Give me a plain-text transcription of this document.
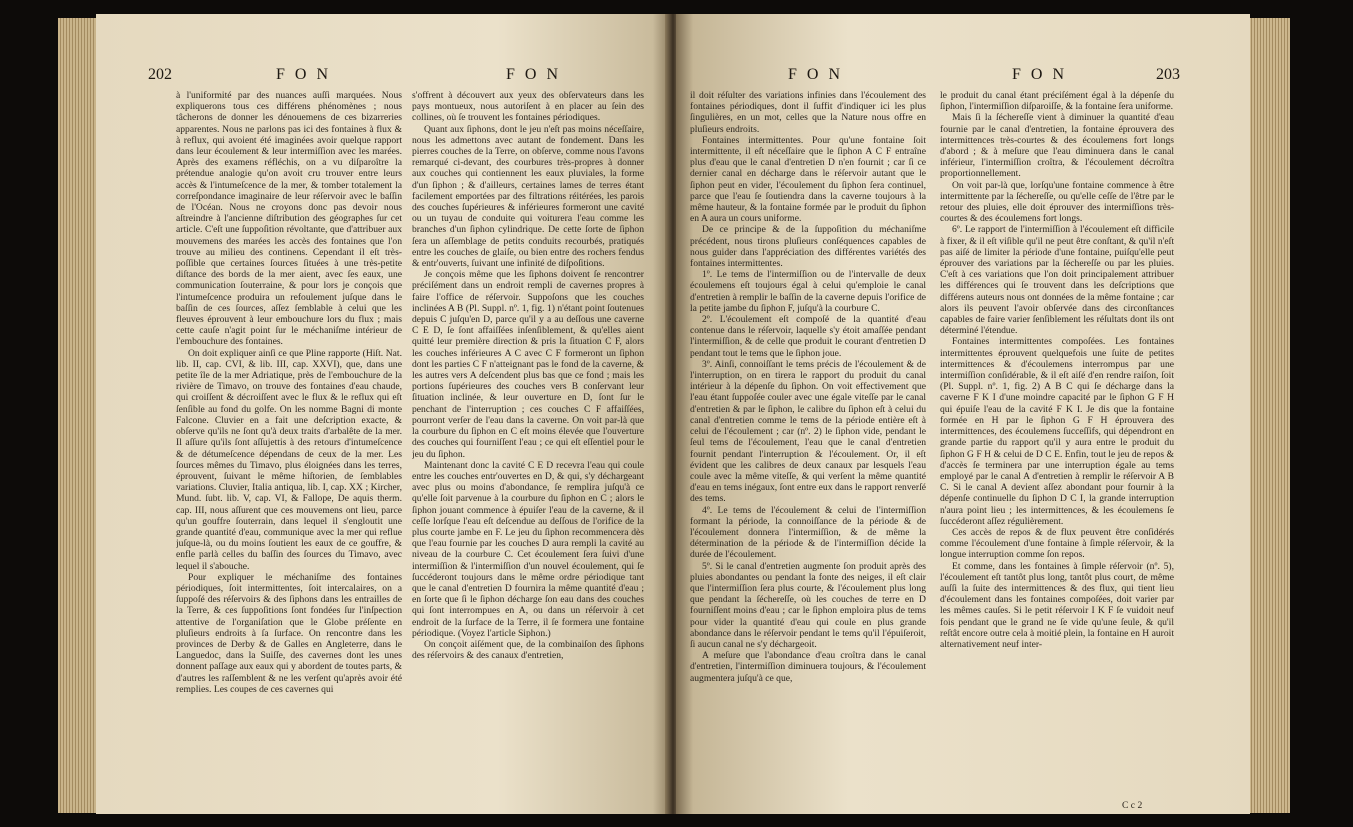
202	F O N	F O N

à l'uniformité par des nuances auſſi marquées. Nous expliquerons tous ces différens phénomènes ; nous tâcherons de donner les dénouemens de ces bizarreries apparentes. Nous ne parlons pas ici des fontaines à flux & à reflux, qui avoient été imaginées avoir quelque rapport dans leur écoulement & leur intermiſſion avec les marées. Après des examens réfléchis, on a vu diſparoître la prétendue analogie qu'on avoit cru trouver entre leurs accès & l'intumeſcence de la mer, & tomber totalement la correſpondance imaginaire de leur réſervoir avec le baſſin de l'Océan. Nous ne croyons donc pas devoir nous aſtreindre à l'ancienne diſtribution des géographes ſur cet article. C'eſt une ſuppoſition révoltante, que d'attribuer aux mouvemens des marées les accès des fontaines que l'on trouve au milieu des continens. Cependant il eſt très-poſſible que certaines ſources ſituées à une très-petite diſtance des bords de la mer aient, avec ſes eaux, une communication ſouterraine, & pour lors je conçois que l'intumeſcence produira un refoulement juſque dans le baſſin de ces ſources, aſſez ſemblable à celui que les fleuves éprouvent à leur embouchure lors du flux ; mais cette cauſe n'agit point ſur le méchaniſme intérieur de l'embouchure des fontaines.

On doit expliquer ainſi ce que Pline rapporte (Hiſt. Nat. lib. II, cap. CVI, & lib. III, cap. XXVI), que, dans une petite île de la mer Adriatique, près de l'embouchure de la rivière de Timavo, on trouve des fontaines d'eau chaude, qui croiſſent & décroiſſent avec le flux & le reflux qui eſt ſenſible au fond du golfe. On les nomme Bagni di monte Falcone. Cluvier en a fait une deſcription exacte, & obſerve qu'ils ne ſont qu'à deux traits d'arbalête de la mer. Il aſſure qu'ils ſont aſſujettis à des retours d'intumeſcence & de détumeſcence dépendans de ceux de la mer. Les ſources mêmes du Timavo, plus éloignées dans les terres, éprouvent, ſuivant le même hiſtorien, de ſemblables variations. Cluvier, Italia antiqua, lib. I, cap. XX ; Kircher, Mund. ſubt. lib. V, cap. VI, & Fallope, De aquis therm. cap. III, nous aſſurent que ces mouvemens ont lieu, parce qu'un gouffre ſouterrain, dans lequel il s'engloutit une grande quantité d'eau, communique avec la mer qui reflue juſque-là, ou du moins ſoutient les eaux de ce gouffre, & enfle parlà celles du baſſin des ſources du Timavo, avec lequel il s'abouche.

Pour expliquer le méchaniſme des fontaines périodiques, ſoit intermittentes, ſoit intercalaires, on a ſuppoſé des réſervoirs & des ſiphons dans les entrailles de la Terre, & ces ſuppoſitions ſont fondées ſur l'inſpection attentive de l'organiſation que le Globe préſente en pluſieurs endroits à ſa ſurface. On rencontre dans les provinces de Derby & de Galles en Angleterre, dans le Languedoc, dans la Suiſſe, des cavernes dont les unes donnent paſſage aux eaux qui y abordent de toutes parts, & d'autres les raſſemblent & ne les verſent qu'après avoir été remplies. Les coupes de ces cavernes qui

s'offrent à découvert aux yeux des obſervateurs dans les pays montueux, nous autoriſent à en placer au ſein des collines, où ſe trouvent les fontaines périodiques.

Quant aux ſiphons, dont le jeu n'eſt pas moins néceſſaire, nous les admettons avec autant de fondement. Dans les pierres couches de la Terre, on obſerve, comme nous l'avons remarqué ci-devant, des courbures très-propres à donner aux couches qui contiennent les eaux pluviales, la forme d'un ſiphon ; & d'ailleurs, certaines lames de terres étant facilement emportées par des filtrations réitérées, les parois des couches ſupérieures & inférieures formeront une cavité ou un tuyau de conduite qui voiturera l'eau comme les branches d'un ſiphon cylindrique. De cette ſorte de ſiphon ſera un aſſemblage de petits conduits recourbés, pratiqués entre les couches de glaiſe, ou bien entre des rochers fendus & entr'ouverts, ſuivant une infinité de diſpoſitions.

Je conçois même que les ſiphons doivent ſe rencontrer préciſément dans un endroit rempli de cavernes propres à faire l'office de réſervoir. Suppoſons que les couches inclinées A B (Pl. Suppl. nº. 1, fig. 1) n'étant point ſoutenues depuis C juſqu'en D, parce qu'il y a au deſſous une caverne C E D, ſe ſont affaiſſées inſenſiblement, & qu'elles aient quitté leur première direction & pris la ſituation C F, alors les couches inférieures A C avec C F formeront un ſiphon dont les parties C F n'atteignant pas le fond de la caverne, & les autres vers A deſcendent plus bas que ce fond ; mais les portions ſupérieures des couches vers B conſervant leur ſituation inclinée, & leur ouverture en D, ſont ſur le penchant de l'interruption ; ces couches C F affaiſſées, pourront verſer de l'eau dans la caverne. On voit par-là que la courbure du ſiphon en C eſt moins élevée que l'ouverture des couches qui fourniſſent l'eau ; ce qui eſt eſſentiel pour le jeu du ſiphon.

Maintenant donc la cavité C E D recevra l'eau qui coule entre les couches entr'ouvertes en D, & qui, s'y déchargeant avec plus ou moins d'abondance, ſe remplira juſqu'à ce qu'elle ſoit parvenue à la courbure du ſiphon en C ; alors le ſiphon jouant commence à épuiſer l'eau de la caverne, & il ceſſe lorſque l'eau eſt deſcendue au deſſous de l'orifice de la plus courte jambe en F. Le jeu du ſiphon recommencera dès que l'eau fournie par les couches D aura rempli la cavité au niveau de la courbure C. Cet écoulement ſera ſuivi d'une intermiſſion & l'intermiſſion d'un nouvel écoulement, qui ſe ſuccéderont toujours dans le même ordre périodique tant que le canal d'entretien D fournira la même quantité d'eau ; en ſorte que ſi le ſiphon décharge ſon eau dans des couches qui ſont interrompues en A, ou dans un réſervoir à cet endroit de la ſurface de la Terre, il ſe formera une fontaine périodique. (Voyez l'article Siphon.)

On conçoit aiſément que, de la combinaiſon des ſiphons des réſervoirs & des canaux d'entretien,

F O N	F O N	203

il doit réſulter des variations infinies dans l'écoulement des fontaines périodiques, dont il ſuffit d'indiquer ici les plus ſingulières, en un mot, celles que la Nature nous offre en pluſieurs endroits.

Fontaines intermittentes. Pour qu'une fontaine ſoit intermittente, il eſt néceſſaire que le ſiphon A C F entraîne plus d'eau que le canal d'entretien D n'en fournit ; car ſi ce dernier canal en décharge dans le réſervoir autant que le ſiphon peut en vider, l'écoulement du ſiphon ſera continuel, parce que l'eau ſe ſoutiendra dans la caverne toujours à la même hauteur, & la fontaine formée par le produit du ſiphon en A aura un cours uniforme.

De ce principe & de la ſuppoſition du méchaniſme précédent, nous tirons pluſieurs conſéquences capables de nous guider dans l'appréciation des différentes variétés des fontaines intermittentes.

1º. Le tems de l'intermiſſion ou de l'intervalle de deux écoulemens eſt toujours égal à celui qu'emploie le canal d'entretien à remplir le baſſin de la caverne depuis l'orifice de la petite jambe du ſiphon F, juſqu'à la courbure C.

2º. L'écoulement eſt compoſé de la quantité d'eau contenue dans le réſervoir, laquelle s'y étoit amaſſée pendant l'intermiſſion, & de celle que produit le courant d'entretien D pendant tout le tems que le ſiphon joue.

3º. Ainſi, connoiſſant le tems précis de l'écoulement & de l'interruption, on en tirera le rapport du produit du canal intérieur à la dépenſe du ſiphon. On voit effectivement que l'eau étant ſuppoſée couler avec une égale viteſſe par le canal d'entretien & par le ſiphon, le calibre du ſiphon eſt à celui du canal d'entretien comme le tems de la période entière eſt à celui de l'écoulement ; car (nº. 2) le ſiphon vide, pendant le ſeul tems de l'écoulement, l'eau que le canal d'entretien fournit pendant l'interruption & l'écoulement. Or, il eſt évident que les calibres de deux canaux par lesquels l'eau coule avec la même viteſſe, & qui verſent la même quantité d'eau en tems inégaux, ſont entre eux dans le rapport renverſé des tems.

4º. Le tems de l'écoulement & celui de l'intermiſſion formant la période, la connoiſſance de la période & de l'écoulement donnera l'intermiſſion, & de même la détermination de la période & de l'intermiſſion décide la durée de l'écoulement.

5º. Si le canal d'entretien augmente ſon produit après des pluies abondantes ou pendant la fonte des neiges, il eſt clair que l'intermiſſion ſera plus courte, & l'écoulement plus long que pendant la ſéchereſſe, où les couches de terre en D fourniſſent moins d'eau ; car le ſiphon emploira plus de tems pour vider la quantité d'eau qui coule en plus grande abondance dans le réſervoir pendant le tems qu'il l'épuiſeroit, ſi aucun canal ne s'y déchargeoit.

A meſure que l'abondance d'eau croîtra dans le canal d'entretien, l'intermiſſion diminuera toujours, & l'écoulement augmentera juſqu'à ce que,

le produit du canal étant préciſément égal à la dépenſe du ſiphon, l'intermiſſion diſparoiſſe, & la fontaine ſera uniforme.

Mais ſi la ſéchereſſe vient à diminuer la quantité d'eau fournie par le canal d'entretien, la fontaine éprouvera des intermittences très-courtes & des écoulemens fort longs d'abord ; & à meſure que l'eau diminuera dans le canal inférieur, l'intermiſſion croîtra, & l'écoulement décroîtra proportionnellement.

On voit par-là que, lorſqu'une fontaine commence à être intermittente par la ſéchereſſe, ou qu'elle ceſſe de l'être par le retour des pluies, elle doit éprouver des intermiſſions très-courtes & des écoulemens fort longs.

6º. Le rapport de l'intermiſſion à l'écoulement eſt difficile à fixer, & il eſt viſible qu'il ne peut être conſtant, & qu'il n'eſt pas aiſé de limiter la période d'une fontaine, puiſqu'elle peut éprouver des variations par la ſéchereſſe ou par les pluies. C'eſt à ces variations que l'on doit principalement attribuer les différences qui ſe trouvent dans les deſcriptions que différens auteurs nous ont données de la même fontaine ; car alors ils peuvent l'avoir obſervée dans des circonſtances capables de faire varier ſenſiblement les réſultats dont ils ont déterminé l'étendue.

Fontaines intermittentes compoſées. Les fontaines intermittentes éprouvent quelquefois une ſuite de petites intermittences & d'écoulemens interrompus par une intermiſſion conſidérable, & il eſt aiſé d'en rendre raiſon, ſoit (Pl. Suppl. nº. 1, fig. 2) A B C qui ſe décharge dans la caverne F K I d'une moindre capacité par le ſiphon G F H qui épuiſe l'eau de la cavité F K I. Je dis que la fontaine formée en H par le ſiphon G F H éprouvera des intermittences, des écoulemens ſucceſſifs, qui dépendront en grande partie du rapport qu'il y aura entre le produit du ſiphon G F H & celui de D C E. Enfin, tout le jeu de repos & d'accès ſe terminera par une interruption égale au tems employé par le canal A d'entretien à remplir le réſervoir A B C. Si le canal A devient aſſez abondant pour fournir à la dépenſe continuelle du ſiphon D C I, la grande interruption n'aura point lieu ; les intermittences, & les écoulemens ſe ſuccéderont aſſez régulièrement.

Ces accès de repos & de flux peuvent être conſidérés comme l'écoulement d'une fontaine à ſimple réſervoir, & la longue interruption comme ſon repos.

Et comme, dans les fontaines à ſimple réſervoir (nº. 5), l'écoulement eſt tantôt plus long, tantôt plus court, de même auſſi la ſuite des intermittences & des flux, qui tient lieu d'écoulement dans les fontaines compoſées, doit varier par les mêmes cauſes. Si le petit réſervoir I K F ſe vuidoit neuf fois pendant que le grand ne ſe vide qu'une ſeule, & qu'il reſtât encore outre cela à moitié plein, la fontaine en H auroit alternativement neuf inter-

C c 2
